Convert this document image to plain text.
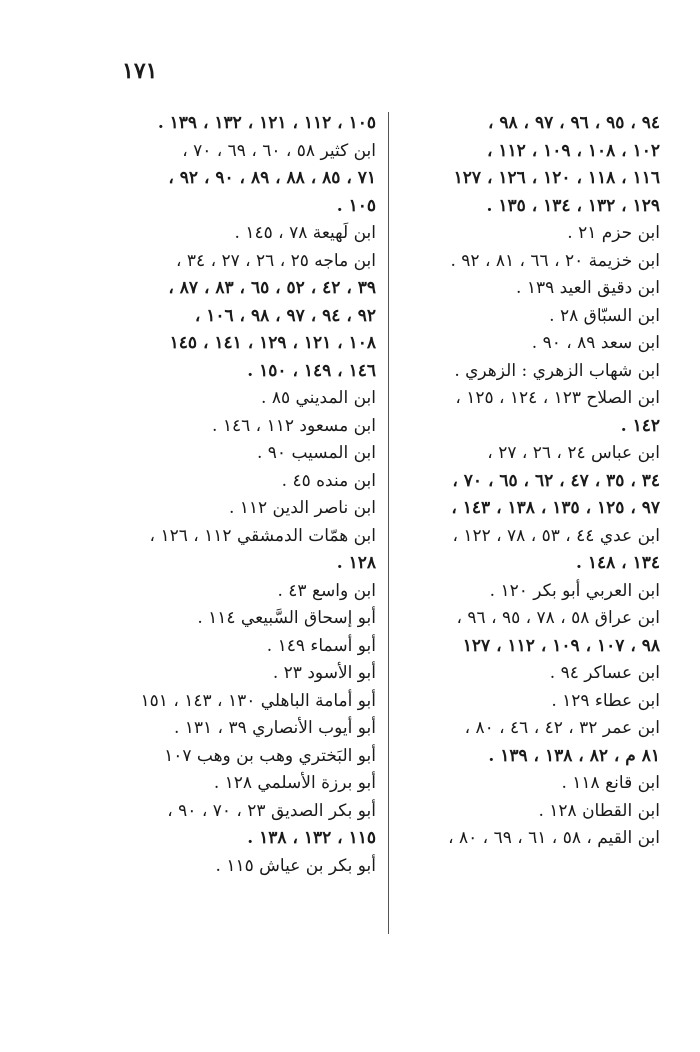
١٧١
٩٤ ، ٩٥ ، ٩٦ ، ٩٧ ، ٩٨ ،
١٠٢ ، ١٠٨ ، ١٠٩ ، ١١٢ ،
١١٦ ، ١١٨ ، ١٢٠ ، ١٢٦ ، ١٢٧
١٢٩ ، ١٣٢ ، ١٣٤ ، ١٣٥ .
ابن حزم ٢١ .
ابن خزيمة ٢٠ ، ٦٦ ، ٨١ ، ٩٢ .
ابن دقيق العيد ١٣٩ .
ابن السبّاق ٢٨ .
ابن سعد ٨٩ ، ٩٠ .
ابن شهاب الزهري : الزهري .
ابن الصلاح ١٢٣ ، ١٢٤ ، ١٢٥ ،
١٤٢ .
ابن عباس ٢٤ ، ٢٦ ، ٢٧ ،
٣٤ ، ٣٥ ، ٤٧ ، ٦٢ ، ٦٥ ، ٧٠ ،
٩٧ ، ١٢٥ ، ١٣٥ ، ١٣٨ ، ١٤٣ ،
ابن عدي ٤٤ ، ٥٣ ، ٧٨ ، ١٢٢ ،
١٣٤ ، ١٤٨ .
ابن العربي أبو بكر ١٢٠ .
ابن عراق ٥٨ ، ٧٨ ، ٩٥ ، ٩٦ ،
٩٨ ، ١٠٧ ، ١٠٩ ، ١١٢ ، ١٢٧
ابن عساكر ٩٤ .
ابن عطاء ١٢٩ .
ابن عمر ٣٢ ، ٤٢ ، ٤٦ ، ٨٠ ،
٨١ م ، ٨٢ ، ١٣٨ ، ١٣٩ .
ابن قانع ١١٨ .
ابن القطان ١٢٨ .
ابن القيم ، ٥٨ ، ٦١ ، ٦٩ ، ٨٠ ،
١٠٥ ، ١١٢ ، ١٢١ ، ١٣٢ ، ١٣٩ .
ابن كثير ٥٨ ، ٦٠ ، ٦٩ ، ٧٠ ،
٧١ ، ٨٥ ، ٨٨ ، ٨٩ ، ٩٠ ، ٩٢ ،
١٠٥ .
ابن لَهيعة ٧٨ ، ١٤٥ .
ابن ماجه ٢٥ ، ٢٦ ، ٢٧ ، ٣٤ ،
٣٩ ، ٤٢ ، ٥٢ ، ٦٥ ، ٨٣ ، ٨٧ ،
٩٢ ، ٩٤ ، ٩٧ ، ٩٨ ، ١٠٦ ،
١٠٨ ، ١٢١ ، ١٢٩ ، ١٤١ ، ١٤٥
١٤٦ ، ١٤٩ ، ١٥٠ .
ابن المديني ٨٥ .
ابن مسعود ١١٢ ، ١٤٦ .
ابن المسيب ٩٠ .
ابن منده ٤٥ .
ابن ناصر الدين ١١٢ .
ابن همّات الدمشقي ١١٢ ، ١٢٦ ،
١٢٨ .
ابن واسع ٤٣ .
أبو إسحاق السَّبيعي ١١٤ .
أبو أسماء ١٤٩ .
أبو الأسود ٢٣ .
أبو أمامة الباهلي ١٣٠ ، ١٤٣ ، ١٥١
أبو أيوب الأنصاري ٣٩ ، ١٣١ .
أبو البَختري وهب بن وهب ١٠٧
أبو برزة الأسلمي ١٢٨ .
أبو بكر الصديق ٢٣ ، ٧٠ ، ٩٠ ،
١١٥ ، ١٣٢ ، ١٣٨ .
أبو بكر بن عياش ١١٥ .
